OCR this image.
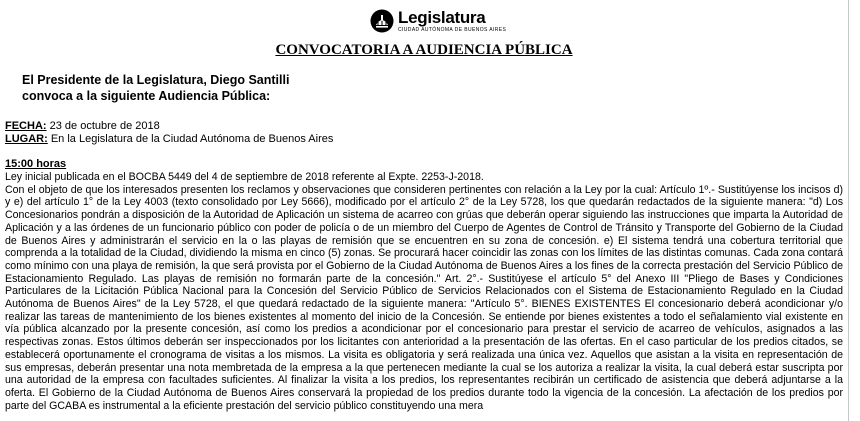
Legislatura
CIUDAD AUTÓNOMA DE BUENOS AIRES
CONVOCATORIA A AUDIENCIA PÚBLICA
El Presidente de la Legislatura, Diego Santilli
convoca a la siguiente Audiencia Pública:
FECHA: 23 de octubre de 2018
LUGAR: En la Legislatura de la Ciudad Autónoma de Buenos Aires
15:00 horas

Ley inicial publicada en el BOCBA 5449 del 4 de septiembre de 2018 referente al Expte. 2253-J-2018.

Con el objeto de que los interesados presenten los reclamos y observaciones que consideren pertinentes con relación a la Ley por la cual: Artículo 1º.- Sustitúyense los incisos d) y e) del artículo 1° de la Ley 4003 (texto consolidado por Ley 5666), modificado por el artículo 2° de la Ley 5728, los que quedarán redactados de la siguiente manera: "d) Los Concesionarios pondrán a disposición de la Autoridad de Aplicación un sistema de acarreo con grúas que deberán operar siguiendo las instrucciones que imparta la Autoridad de Aplicación y a las órdenes de un funcionario público con poder de policía o de un miembro del Cuerpo de Agentes de Control de Tránsito y Transporte del Gobierno de la Ciudad de Buenos Aires y administrarán el servicio en la o las playas de remisión que se encuentren en su zona de concesión. e) El sistema tendrá una cobertura territorial que comprenda a la totalidad de la Ciudad, dividiendo la misma en cinco (5) zonas. Se procurará hacer coincidir las zonas con los límites de las distintas comunas. Cada zona contará como mínimo con una playa de remisión, la que será provista por el Gobierno de la Ciudad Autónoma de Buenos Aires a los fines de la correcta prestación del Servicio Público de Estacionamiento Regulado. Las playas de remisión no formarán parte de la concesión." Art. 2°.- Sustitúyese el artículo 5° del Anexo III "Pliego de Bases y Condiciones Particulares de la Licitación Pública Nacional para la Concesión del Servicio Público de Servicios Relacionados con el Sistema de Estacionamiento Regulado en la Ciudad Autónoma de Buenos Aires" de la Ley 5728, el que quedará redactado de la siguiente manera: "Artículo 5°. BIENES EXISTENTES El concesionario deberá acondicionar y/o realizar las tareas de mantenimiento de los bienes existentes al momento del inicio de la Concesión. Se entiende por bienes existentes a todo el señalamiento vial existente en vía pública alcanzado por la presente concesión, así como los predios a acondicionar por el concesionario para prestar el servicio de acarreo de vehículos, asignados a las respectivas zonas. Estos últimos deberán ser inspeccionados por los licitantes con anterioridad a la presentación de las ofertas. En el caso particular de los predios citados, se establecerá oportunamente el cronograma de visitas a los mismos. La visita es obligatoria y será realizada una única vez. Aquellos que asistan a la visita en representación de sus empresas, deberán presentar una nota membretada de la empresa a la que pertenecen mediante la cual se los autoriza a realizar la visita, la cual deberá estar suscripta por una autoridad de la empresa con facultades suficientes. Al finalizar la visita a los predios, los representantes recibirán un certificado de asistencia que deberá adjuntarse a la oferta. El Gobierno de la Ciudad Autónoma de Buenos Aires conservará la propiedad de los predios durante todo la vigencia de la concesión. La afectación de los predios por parte del GCABA es instrumental a la eficiente prestación del servicio público constituyendo una mera
